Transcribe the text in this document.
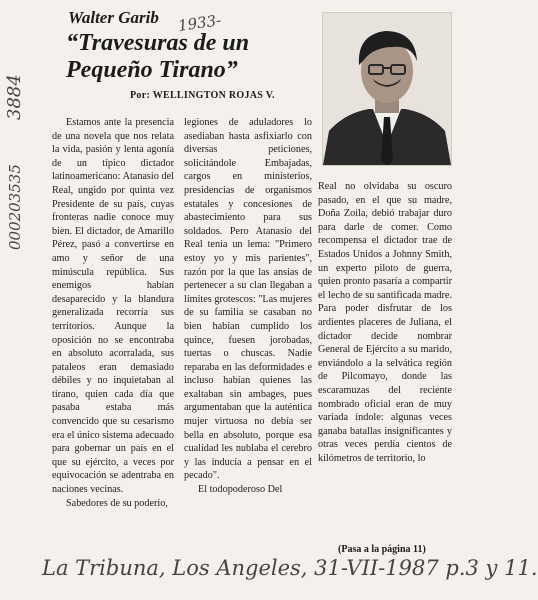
1933-
3884
000203535
Walter Garib
“Travesuras de un
Pequeño Tirano”
Por: WELLINGTON ROJAS V.

Estamos ante la presencia de una novela que nos relata la vida, pasión y lenta agonía de un típico dictador latinoamericano: Atanasio del Real, ungido por quinta vez Presidente de su país, cuyas fronteras nadie conoce muy bien. El dictador, de Amarillo Pérez, pasó a convertirse en amo y señor de una minúscula república. Sus enemigos habían desaparecido y la blandura generalizada recorría sus territorios. Aunque la oposición no se encontraba en absoluto acorralada, sus pataleos eran demasiado débiles y no inquietaban al tirano, quien cada día que pasaba estaba más convencido que su cesarismo era el único sistema adecuado para gobernar un país en el que su ejército, a veces por equivocación se adentraba en naciones vecinas.

Sabedores de su poderío,

legiones de aduladores lo asediaban hasta asfixiarlo con diversas peticiones, solicitándole Embajadas, cargos en ministerios, presidencias de organismos estatales y concesiones de abastecimiento para sus soldados. Pero Atanasio del Real tenía un lema: "Primero estoy yo y mis parientes", razón por la que las ansias de pertenecer a su clan llegaban a límites grotescos: "Las mujeres de su familia se casaban no bien habían cumplido los quince, fuesen jorobadas, tuertas o chuscas. Nadie reparaba en las deformidades e incluso habían quienes las exaltaban sin ambages, pues argumentaban que la auténtica mujer virtuosa no debía ser bella en absoluto, porque esa cualidad les nublaba el cerebro y las inducía a pensar en el pecado".

El todopoderoso Del

Real no olvidaba su oscuro pasado, en el que su madre, Doña Zoila, debió trabajar duro para darle de comer. Como recompensa el dictador trae de Estados Unidos a Johnny Smith, un experto piloto de guerra, quien pronto pasaría a compartir el lecho de su santificada madre. Para poder disfrutar de los ardientes placeres de Juliana, el dictador decide nombrar General de Ejército a su marido, enviándolo a la selvática región de Pilcomayo, donde las escaramuzas del reciente nombrado oficial eran de muy variada índole: algunas veces ganaba batallas insignificantes y otras veces perdía cientos de kilómetros de territorio, lo

(Pasa a la página 11)
La Tribuna, Los Angeles, 31-VII-1987 p.3 y 11.
